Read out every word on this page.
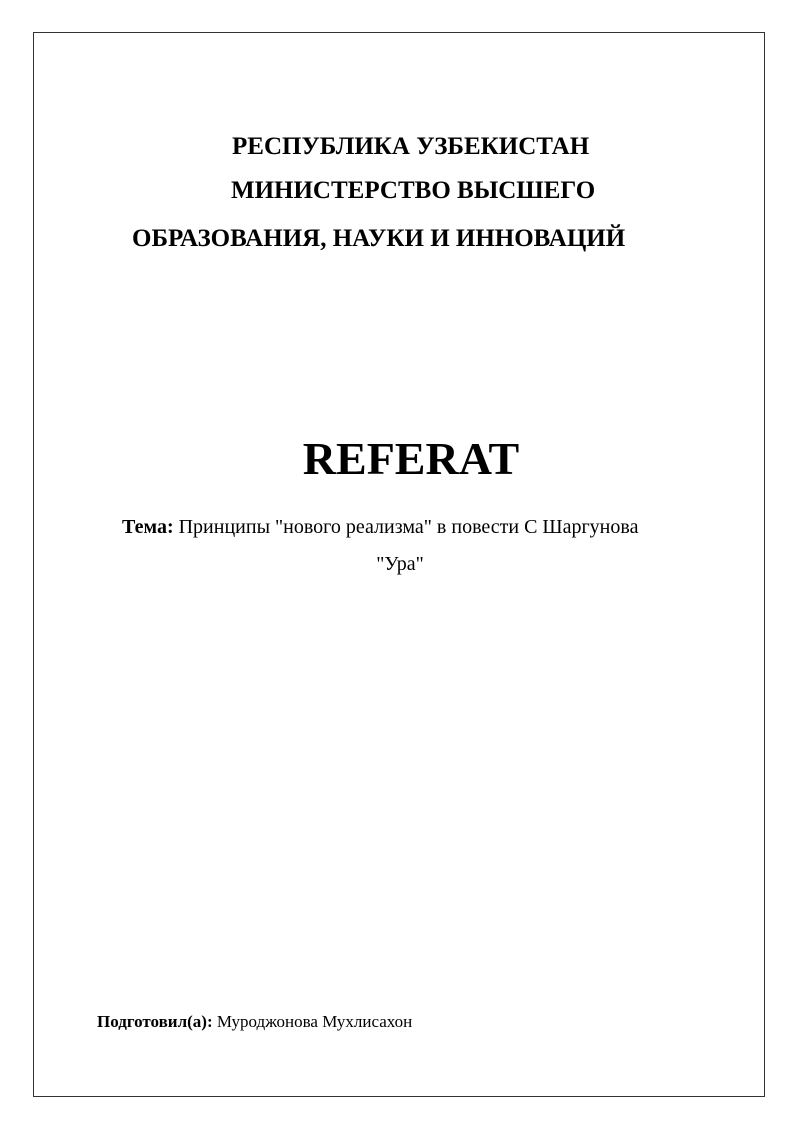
РЕСПУБЛИКА УЗБЕКИСТАН
МИНИСТЕРСТВО ВЫСШЕГО
ОБРАЗОВАНИЯ, НАУКИ И ИННОВАЦИЙ
REFERAT
Тема: Принципы "нового реализма" в повести С Шаргунова
"Ура"
Подготовил(а): Муроджонова Мухлисахон
